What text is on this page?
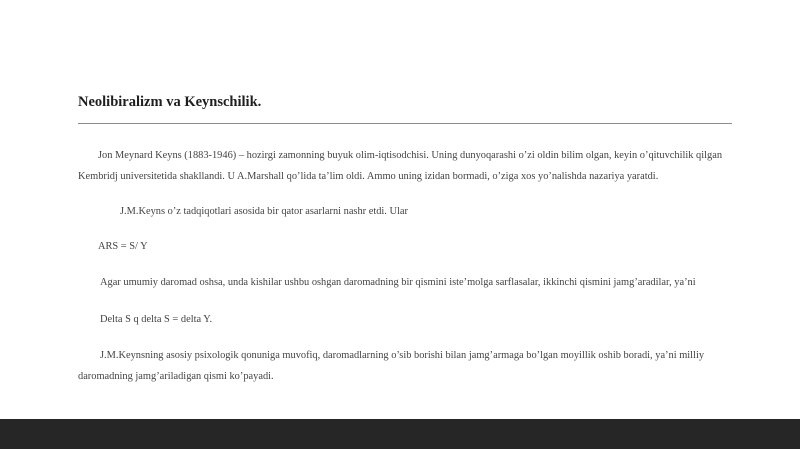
Neolibiralizm va Keynschilik.

Jon Meynard Keyns (1883-1946) – hozirgi zamonning buyuk olim-iqtisodchisi. Uning dunyoqarashi o’zi oldin bilim olgan, keyin o’qituvchilik qilgan Kembridj universitetida shakllandi. U A.Marshall qo’lida ta’lim oldi. Ammo uning izidan bormadi, o’ziga xos yo’nalishda nazariya yaratdi.

J.M.Keyns o’z tadqiqotlari asosida bir qator asarlarni nashr etdi. Ular

ARS = S/ Y

Agar umumiy daromad oshsa, unda kishilar ushbu oshgan daromadning bir qismini iste’molga sarflasalar, ikkinchi qismini jamg’aradilar, ya’ni

Delta S q delta S = delta Y.

J.M.Keynsning asosiy psixologik qonuniga muvofiq, daromadlarning o’sib borishi bilan jamg’armaga bo’lgan moyillik oshib boradi, ya’ni milliy daromadning jamg’ariladigan qismi ko’payadi.
